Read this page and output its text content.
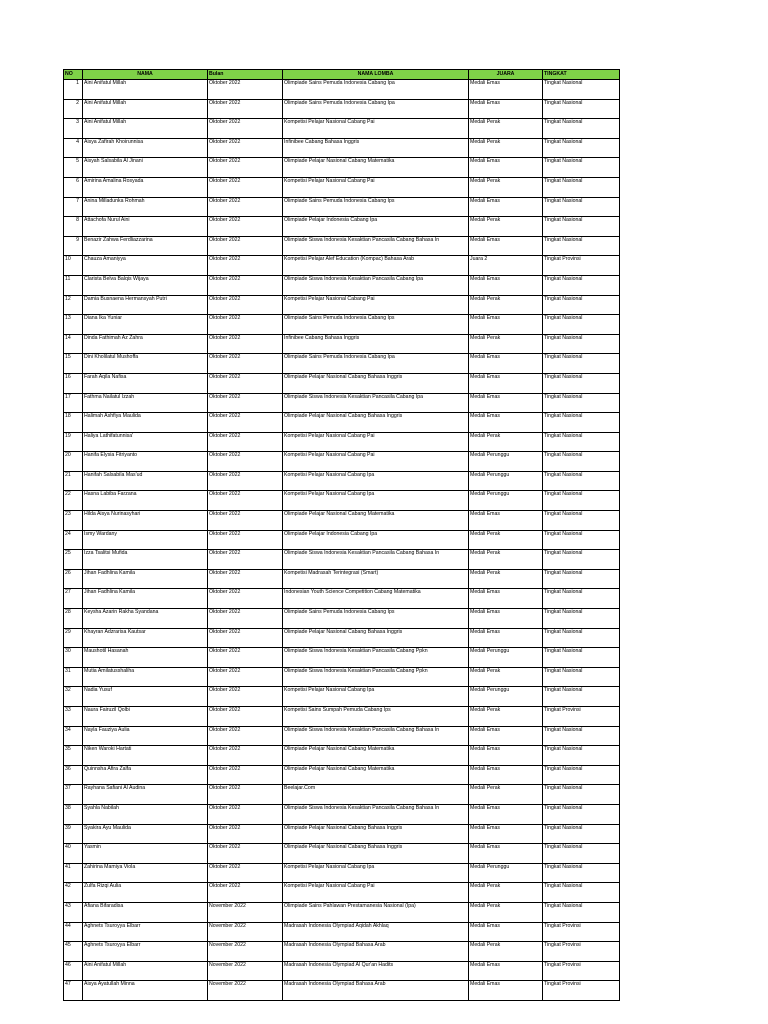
NO	NAMA	Bulan	NAMA LOMBA	JUARA	TINGKAT
1	Aini Anifatul Millah	Oktober 2022	Olimpiade Sains Pemuda Indonesia Cabang Ipa	Medali Emas	Tingkat Nasional
2	Aini Anifatul Millah	Oktober 2022	Olimpiade Sains Pemuda Indonesia Cabang Ipa	Medali Emas	Tingkat Nasional
3	Aini Anifatul Millah	Oktober 2022	Kompetisi Pelajar Nasional Cabang Pai	Medali Perak	Tingkat Nasional
4	Aisya Zafirah Khoirunnisa	Oktober 2022	Infinibee Cabang Bahasa Inggris	Medali Perak	Tingkat Nasional
5	Aisyah Salsabila Al Jinani	Oktober 2022	Olimpiade Pelajar Nasional Cabang Matematika	Medali Emas	Tingkat Nasional
6	Amirina Amalina Rosyada	Oktober 2022	Kompetisi Pelajar Nasional Cabang Pai	Medali Perak	Tingkat Nasional
7	Anina Milladunka Rohmah	Oktober 2022	Olimpiade Sains Pemuda Indonesia Cabang Ips	Medali Emas	Tingkat Nasional
8	Attachofa Nurul Aini	Oktober 2022	Olimpiade Pelajar Indonesia Cabang Ipa	Medali Perak	Tingkat Nasional
9	Benazir Zahwa Ferdliazzarina	Oktober 2022	Olimpiade Siswa Indonesia Kesaktian Pancasila Cabang Bahasa In	Medali Emas	Tingkat Nasional
10	Chauza Amaniyya	Oktober 2022	Kompetisi Pelajar Alef Education (Kompac) Bahasa Arab	Juara 2	Tingkat Provinsi
11	Clarista Belva Balqis Wijaya	Oktober 2022	Olimpiade Siswa Indonesia Kesaktian Pancasila Cabang Ipa	Medali Emas	Tingkat Nasional
12	Damia Busnaena Hermansyah Putri	Oktober 2022	Kompetisi Pelajar Nasional Cabang Pai	Medali Perak	Tingkat Nasional
13	Diana Ika Yuniar	Oktober 2022	Olimpiade Sains Pemuda Indonesia Cabang Ips	Medali Emas	Tingkat Nasional
14	Dinda Fathimah Az Zahra	Oktober 2022	Infinibee Cabang Bahasa Inggris	Medali Perak	Tingkat Nasional
15	Dini Kholilatul Mushoffa	Oktober 2022	Olimpiade Sains Pemuda Indonesia Cabang Ipa	Medali Emas	Tingkat Nasional
16	Farah Aqila Nafisa	Oktober 2022	Olimpiade Pelajar Nasional Cabang Bahasa Inggris	Medali Emas	Tingkat Nasional
17	Fathma Nailatul Izzah	Oktober 2022	Olimpiade Siswa Indonesia Kesaktian Pancasila Cabang Ipa	Medali Emas	Tingkat Nasional
18	Halimah Ashfiya Maulida	Oktober 2022	Olimpiade Pelajar Nasional Cabang Bahasa Inggris	Medali Emas	Tingkat Nasional
19	Haliya Lathifatunnisa'	Oktober 2022	Kompetisi Pelajar Nasional Cabang Pai	Medali Perak	Tingkat Nasional
20	Hanifa Elysia Fitriyanto	Oktober 2022	Kompetisi Pelajar Nasional Cabang Pai	Medali Perunggu	Tingkat Nasional
21	Hanifah Salsabila Mas'ud	Oktober 2022	Kompetisi Pelajar Nasional Cabang Ipa	Medali Perunggu	Tingkat Nasional
22	Hasna Labiba Farzana	Oktober 2022	Kompetisi Pelajar Nasional Cabang Ipa	Medali Perunggu	Tingkat Nasional
23	Hilda Aisya Nurinasyhari	Oktober 2022	Olimpiade Pelajar Nasional Cabang Matematika	Medali Emas	Tingkat Nasional
24	Ismy Wardany	Oktober 2022	Olimpiade Pelajar Indonesia Cabang Ipa	Medali Perak	Tingkat Nasional
25	Izza Tsalitsi Mufida	Oktober 2022	Olimpiade Siswa Indonesia Kesaktian Pancasila Cabang Bahasa In	Medali Perak	Tingkat Nasional
26	Jihan Fadhlina Kamila	Oktober 2022	Kompetisi Madrasah Terintegrasi (Smart)	Medali Perak	Tingkat Nasional
27	Jihan Fadhlina Kamila	Oktober 2022	Indonesian Youth Science Competition Cabang Matematika	Medali Emas	Tingkat Nasional
28	Keysha Azarin Rakha Syandana	Oktober 2022	Olimpiade Sains Pemuda Indonesia Cabang Ips	Medali Emas	Tingkat Nasional
29	Khayran Adzrarisa Kautsar	Oktober 2022	Olimpiade Pelajar Nasional Cabang Bahasa Inggris	Medali Emas	Tingkat Nasional
30	Maushotil Hasanah	Oktober 2022	Olimpiade Siswa Indonesia Kesaktian Pancasila Cabang Ppkn	Medali Perunggu	Tingkat Nasional
31	Mutia Amilatusshaliha	Oktober 2022	Olimpiade Siswa Indonesia Kesaktian Pancasila Cabang Ppkn	Medali Perak	Tingkat Nasional
32	Nadia Yusuf	Oktober 2022	Kompetisi Pelajar Nasional Cabang Ipa	Medali Perunggu	Tingkat Nasional
33	Naura Fairuzil Qolbi	Oktober 2022	Kompetisi Sains Sumpah Pemuda Cabang Ips	Medali Perak	Tingkat Provinsi
34	Nayla Fauziya Aulia	Oktober 2022	Olimpiade Siswa Indonesia Kesaktian Pancasila Cabang Bahasa In	Medali Emas	Tingkat Nasional
35	Niken Waroki Hartati	Oktober 2022	Olimpiade Pelajar Nasional Cabang Matematika	Medali Emas	Tingkat Nasional
36	Quinnsha Afira Zalfa	Oktober 2022	Olimpiade Pelajar Nasional Cabang Matematika	Medali Emas	Tingkat Nasional
37	Rayhana Safiani Al Audina	Oktober 2022	Beelajar.Com	Medali Perak	Tingkat Nasional
38	Syahla Nabilah	Oktober 2022	Olimpiade Siswa Indonesia Kesaktian Pancasila Cabang Bahasa In	Medali Emas	Tingkat Nasional
39	Syakira Ayu Maulida	Oktober 2022	Olimpiade Pelajar Nasional Cabang Bahasa Inggris	Medali Emas	Tingkat Nasional
40	Yasmin	Oktober 2022	Olimpiade Pelajar Nasional Cabang Bahasa Inggris	Medali Emas	Tingkat Nasional
41	Zahirina Mamiya Viola	Oktober 2022	Kompetisi Pelajar Nasional Cabang Ipa	Medali Perunggu	Tingkat Nasional
42	Zulfa Rizqi Aulia	Oktober 2022	Kompetisi Pelajar Nasional Cabang Pai	Medali Perak	Tingkat Nasional
43	Afiana Bifaradisa	November 2022	Olimpiade Sains Pahlawan Prestamanesia Nasional (Ipa)	Medali Perak	Tingkat Nasional
44	Aghnets Tsuroyya Elbarr	November 2022	Madrasah Indonesia Olympiad Aqidah Akhlaq	Medali Emas	Tingkat Provinsi
45	Aghnets Tsuroyya Elbarr	November 2022	Madrasah Indonesia Olympiad Bahasa Arab	Medali Perak	Tingkat Provinsi
46	Aini Anifatul Millah	November 2022	Madrasah Indonesia Olympiad Al Qur'an Hadits	Medali Emas	Tingkat Provinsi
47	Aisya Ayatullah Minna	November 2022	Madrasah Indonesia Olympiad Bahasa Arab	Medali Emas	Tingkat Provinsi
